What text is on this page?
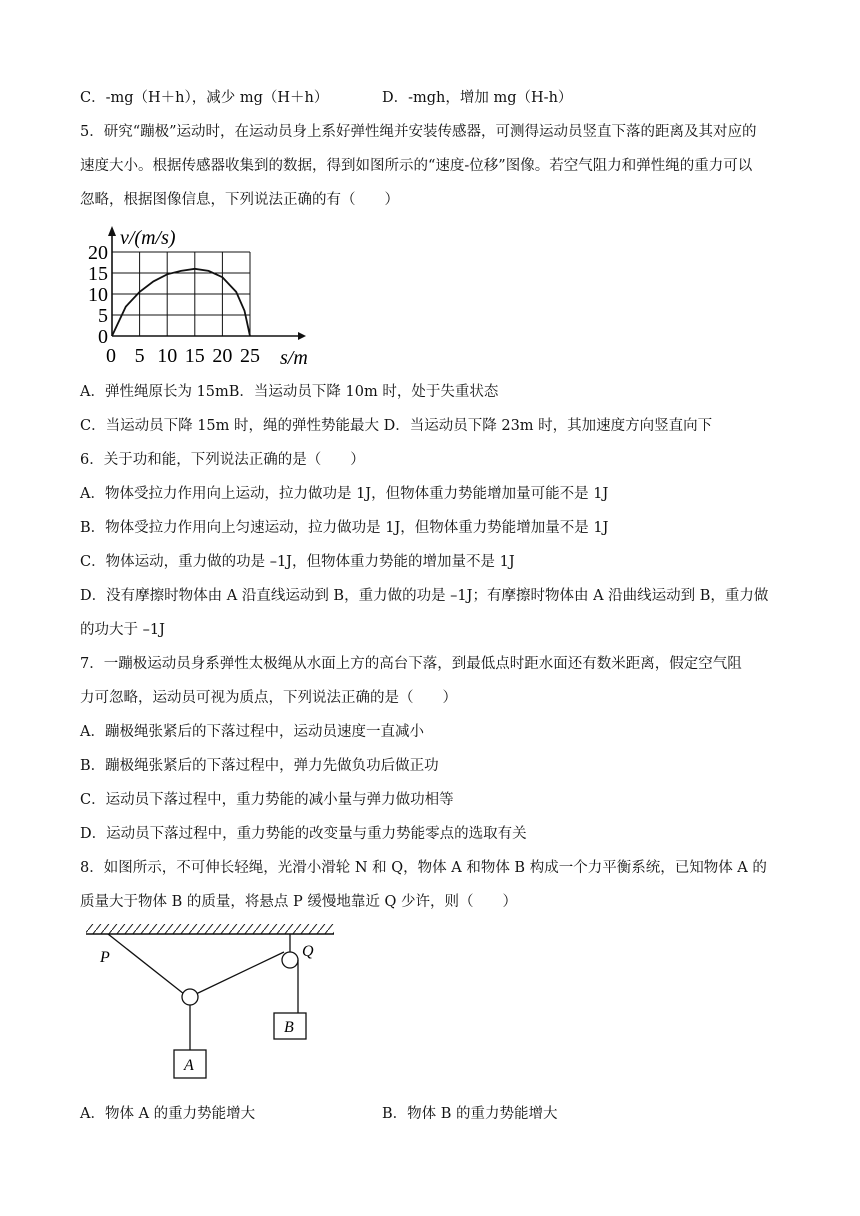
C．-mg（H＋h），减少 mg（H＋h）	D．-mgh，增加 mg（H-h）
5．研究“蹦极”运动时，在运动员身上系好弹性绳并安装传感器，可测得运动员竖直下落的距离及其对应的
速度大小。根据传感器收集到的数据，得到如图所示的“速度-位移”图像。若空气阻力和弹性绳的重力可以
忽略，根据图像信息，下列说法正确的有（　　）
0 5 10 15 20 25
0
5
10
15
20
v/(m/s)
s/m
A．弹性绳原长为 15mB．当运动员下降 10m 时，处于失重状态
C．当运动员下降 15m 时，绳的弹性势能最大 D．当运动员下降 23m 时，其加速度方向竖直向下
6．关于功和能，下列说法正确的是（　　）
A．物体受拉力作用向上运动，拉力做功是 1J，但物体重力势能增加量可能不是 1J
B．物体受拉力作用向上匀速运动，拉力做功是 1J，但物体重力势能增加量不是 1J
C．物体运动，重力做的功是 –1J，但物体重力势能的增加量不是 1J
D．没有摩擦时物体由 A 沿直线运动到 B，重力做的功是 –1J；有摩擦时物体由 A 沿曲线运动到 B，重力做
的功大于 –1J
7．一蹦极运动员身系弹性太极绳从水面上方的高台下落，到最低点时距水面还有数米距离，假定空气阻
力可忽略，运动员可视为质点，下列说法正确的是（　　）
A．蹦极绳张紧后的下落过程中，运动员速度一直减小
B．蹦极绳张紧后的下落过程中，弹力先做负功后做正功
C．运动员下落过程中，重力势能的减小量与弹力做功相等
D．运动员下落过程中，重力势能的改变量与重力势能零点的选取有关
8．如图所示，不可伸长轻绳，光滑小滑轮 N 和 Q，物体 A 和物体 B 构成一个力平衡系统，已知物体 A 的
质量大于物体 B 的质量，将悬点 P 缓慢地靠近 Q 少许，则（　　）
A
B
P	Q
A．物体 A 的重力势能增大	B．物体 B 的重力势能增大
